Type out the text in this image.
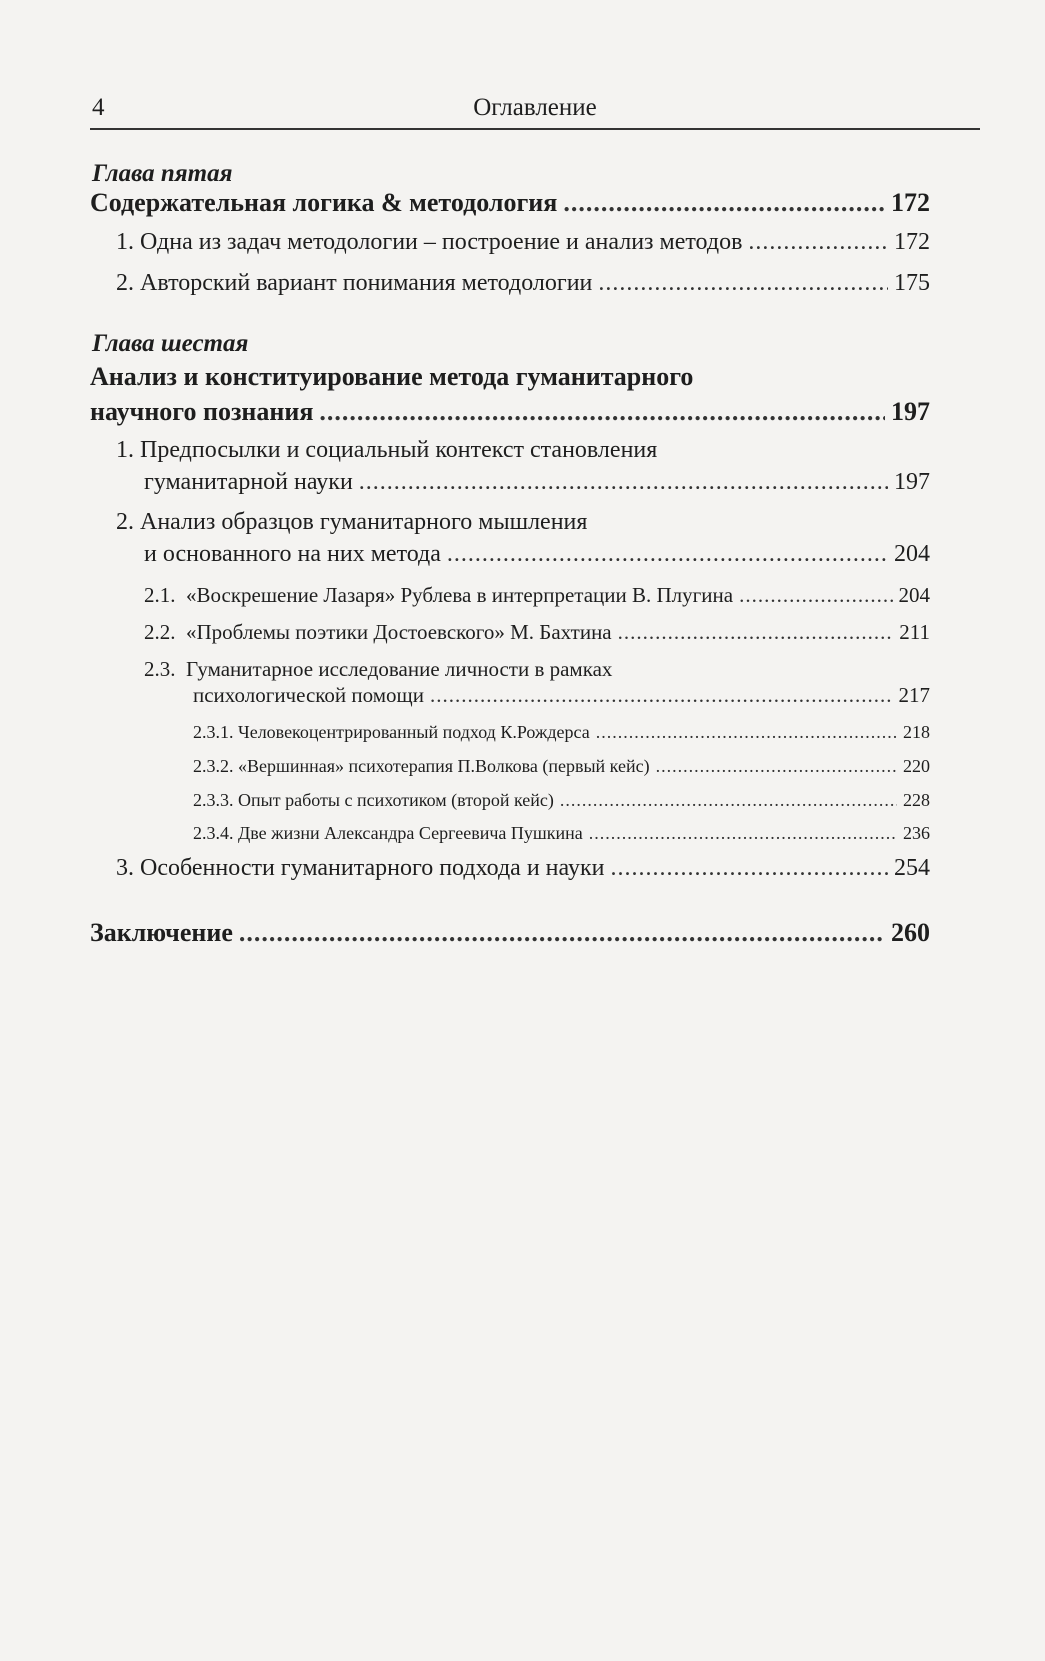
4	Оглавление
Глава пятая
Содержательная логика & методология .....	172
1. Одна из задач методологии – построение и анализ методов .....	172
2. Авторский вариант понимания методологии .....	175
Глава шестая
Анализ и конституирование метода гуманитарного
научного познания .....	197
1. Предпосылки и социальный контекст становления
гуманитарной науки .....	197
2. Анализ образцов гуманитарного мышления
и основанного на них метода .....	204
2.1. «Воскрешение Лазаря» Рублева в интерпретации В. Плугина .....	204
2.2. «Проблемы поэтики Достоевского» М. Бахтина .....	211
2.3. Гуманитарное исследование личности в рамках
психологической помощи .....	217
2.3.1. Человекоцентрированный подход К.Рождерса .....	218
2.3.2. «Вершинная» психотерапия П.Волкова (первый кейс) .....	220
2.3.3. Опыт работы с психотиком (второй кейс) .....	228
2.3.4. Две жизни Александра Сергеевича Пушкина .....	236
3. Особенности гуманитарного подхода и науки .....	254
Заключение .....	260
